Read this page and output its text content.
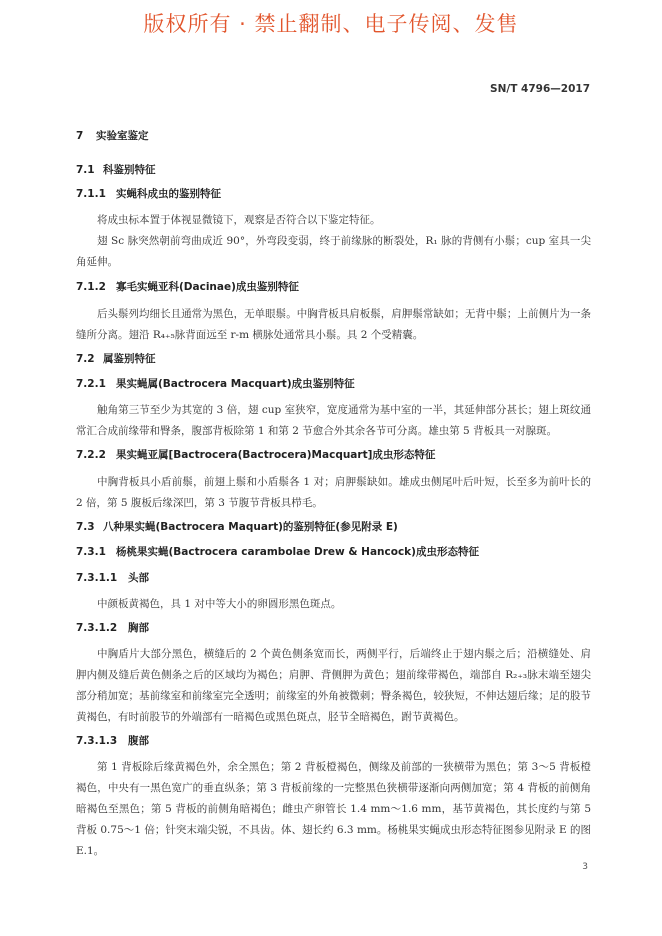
版权所有 · 禁止翻制、电子传阅、发售
SN/T 4796—2017
7 实验室鉴定
7.1 科鉴别特征
7.1.1 实蝇科成虫的鉴别特征

将成虫标本置于体视显微镜下，观察是否符合以下鉴定特征。

翅 Sc 脉突然朝前弯曲成近 90°，外弯段变弱，终于前缘脉的断裂处，R₁ 脉的背侧有小鬃；cup 室具一尖角延伸。

7.1.2 寡毛实蝇亚科(Dacinae)成虫鉴别特征

后头鬃列均细长且通常为黑色，无单眼鬃。中胸背板具肩板鬃，肩胛鬃常缺如；无背中鬃；上前侧片为一条缝所分离。翅沿 R₄₊₅脉背面远至 r-m 横脉处通常具小鬃。具 2 个受精囊。

7.2 属鉴别特征
7.2.1 果实蝇属(Bactrocera Macquart)成虫鉴别特征

触角第三节至少为其宽的 3 倍，翅 cup 室狭窄，宽度通常为基中室的一半，其延伸部分甚长；翅上斑纹通常汇合成前缘带和臀条，腹部背板除第 1 和第 2 节愈合外其余各节可分离。雄虫第 5 背板具一对腺斑。

7.2.2 果实蝇亚属[Bactrocera(Bactrocera)Macquart]成虫形态特征

中胸背板具小盾前鬃，前翅上鬃和小盾鬃各 1 对；肩胛鬃缺如。雄成虫侧尾叶后叶短，长至多为前叶长的 2 倍，第 5 腹板后缘深凹，第 3 节腹节背板具栉毛。

7.3 八种果实蝇(Bactrocera Maquart)的鉴别特征(参见附录 E)
7.3.1 杨桃果实蝇(Bactrocera carambolae Drew & Hancock)成虫形态特征
7.3.1.1 头部

中颜板黄褐色，具 1 对中等大小的卵圆形黑色斑点。

7.3.1.2 胸部

中胸盾片大部分黑色，横缝后的 2 个黄色侧条宽而长，两侧平行，后端终止于翅内鬃之后；沿横缝处、肩胛内侧及缝后黄色侧条之后的区域均为褐色；肩胛、背侧胛为黄色；翅前缘带褐色，端部自 R₂₊₃脉末端至翅尖部分稍加宽；基前缘室和前缘室完全透明；前缘室的外角被微刺；臀条褐色，较狭短，不伸达翅后缘；足的股节黄褐色，有时前股节的外端部有一暗褐色或黑色斑点，胫节全暗褐色，跗节黄褐色。

7.3.1.3 腹部

第 1 背板除后缘黄褐色外，余全黑色；第 2 背板橙褐色，侧缘及前部的一狭横带为黑色；第 3～5 背板橙褐色，中央有一黑色宽广的垂直纵条；第 3 背板前缘的一完整黑色狭横带逐渐向两侧加宽；第 4 背板的前侧角暗褐色至黑色；第 5 背板的前侧角暗褐色；雌虫产卵管长 1.4 mm～1.6 mm，基节黄褐色，其长度约与第 5 背板 0.75～1 倍；针突末端尖锐，不具齿。体、翅长约 6.3 mm。杨桃果实蝇成虫形态特征图参见附录 E 的图 E.1。

3
